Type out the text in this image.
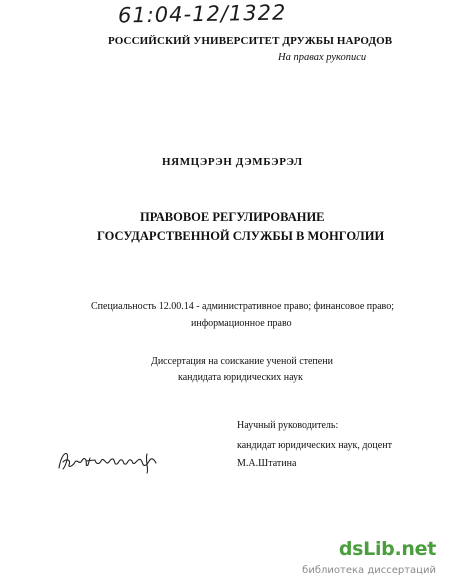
61:04-12/1322
РОССИЙСКИЙ УНИВЕРСИТЕТ ДРУЖБЫ НАРОДОВ
На правах рукописи
НЯМЦЭРЭН ДЭМБЭРЭЛ
ПРАВОВОЕ РЕГУЛИРОВАНИЕ
ГОСУДАРСТВЕННОЙ СЛУЖБЫ В МОНГОЛИИ
Специальность 12.00.14 - административное право; финансовое право;
информационное право
Диссертация на соискание ученой степени
кандидата юридических наук
Научный руководитель:
кандидат юридических наук, доцент
М.А.Штатина
dsLib.net
библиотека диссертаций
